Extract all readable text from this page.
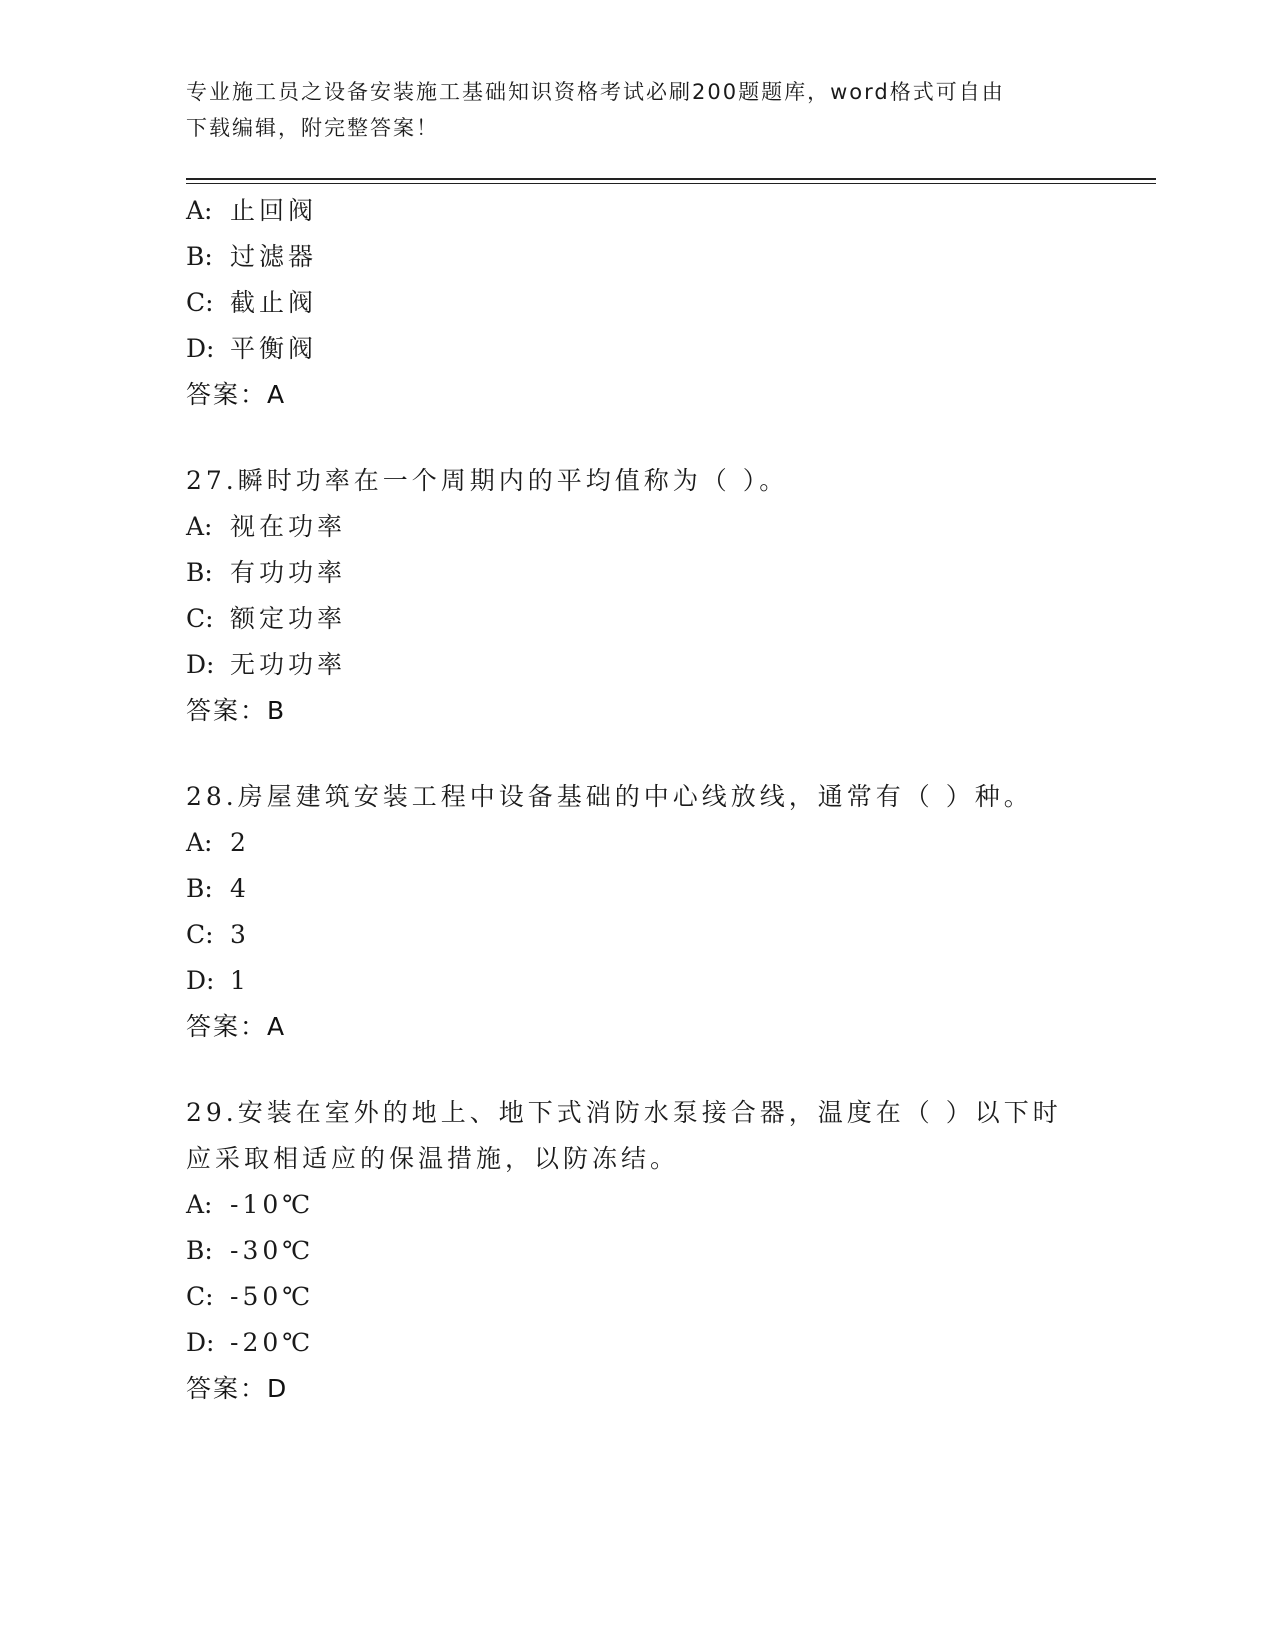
专业施工员之设备安装施工基础知识资格考试必刷200题题库，word格式可自由
下载编辑，附完整答案！
A: 止回阀
B: 过滤器
C: 截止阀
D: 平衡阀
答案：A
27.瞬时功率在一个周期内的平均值称为（ ）。
A: 视在功率
B: 有功功率
C: 额定功率
D: 无功功率
答案：B
28.房屋建筑安装工程中设备基础的中心线放线，通常有（ ）种。
A: 2
B: 4
C: 3
D: 1
答案：A
29.安装在室外的地上、地下式消防水泵接合器，温度在（ ）以下时应采取相适应的保温措施，以防冻结。
A: -10℃
B: -30℃
C: -50℃
D: -20℃
答案：D
